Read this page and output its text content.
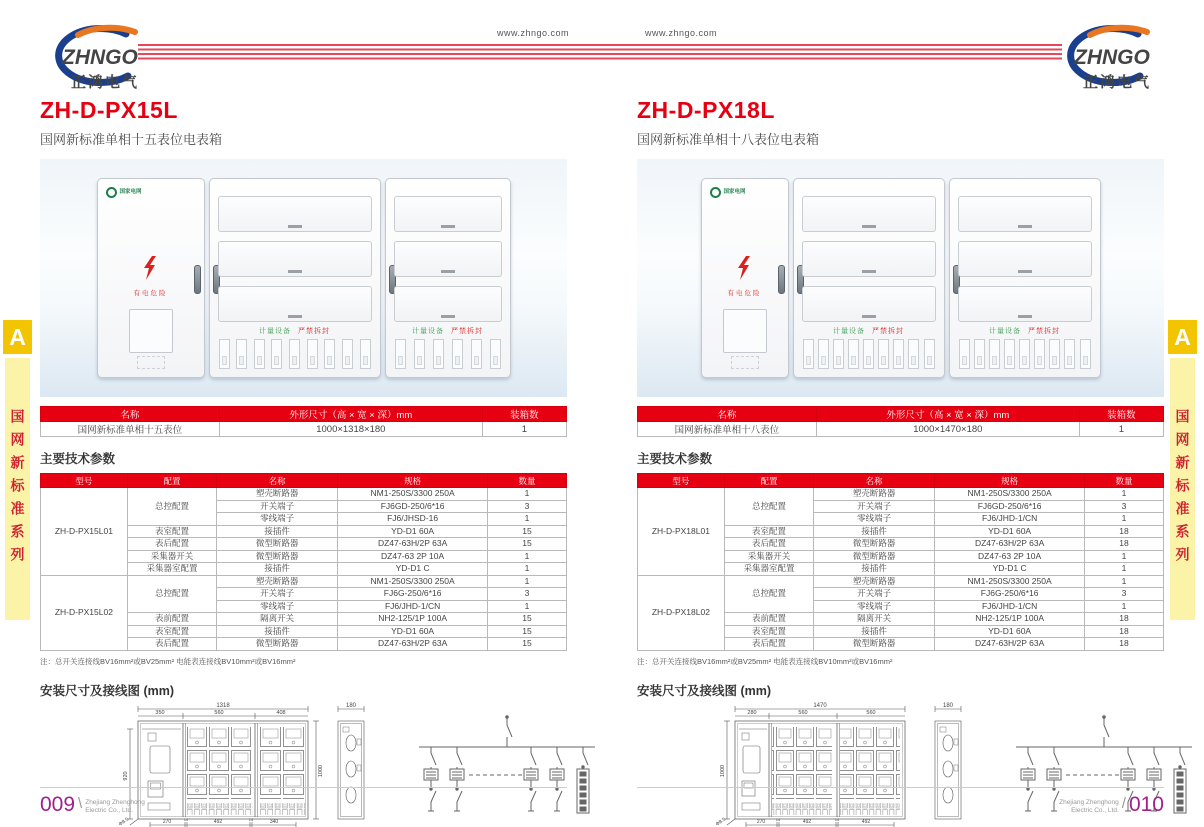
ZHNGO
正鸿电气
ZHNGO
正鸿电气
www.zhngo.com	www.zhngo.com
A
国网新标准系列
A
国网新标准系列
ZH-D-PX15L
国网新标准单相十五表位电表箱
国家电网
有电危险
计量设备 严禁拆封	计量设备 严禁拆封
名称	外形尺寸（高 × 宽 × 深）mm	装箱数
国网新标准单相十五表位	1000×1318×180	1
主要技术参数
型号	配置	名称	规格	数量
ZH-D-PX15L01	总控配置	塑壳断路器	NM1-250S/3300 250A	1
		开关端子	FJ6GD-250/6*16	3
		零线端子	FJ6/JHSD-16	1
	表室配置	接插件	YD-D1 60A	15
	表后配置	微型断路器	DZ47-63H/2P 63A	15
	采集器开关	微型断路器	DZ47-63 2P 10A	1
	采集器室配置	接插件	YD-D1 C	1
ZH-D-PX15L02	总控配置	塑壳断路器	NM1-250S/3300 250A	1
		开关端子	FJ6G-250/6*16	3
		零线端子	FJ6/JHD-1/CN	1
	表前配置	隔离开关	NH2-125/1P 100A	15
	表室配置	接插件	YD-D1 60A	15
	表后配置	微型断路器	DZ47-63H/2P 63A	15
注：总开关连接线BV16mm²或BV25mm² 电能表连接线BV10mm²或BV16mm²
安装尺寸及接线图 (mm)
1318
350	560	408
920	1000
180
270	14	492	14	340
Φ8.5
009 \ Zhejiang Zhenghong
Electric Co., Ltd.
ZH-D-PX18L
国网新标准单相十八表位电表箱
国家电网
有电危险
计量设备 严禁拆封	计量设备 严禁拆封
名称	外形尺寸（高 × 宽 × 深）mm	装箱数
国网新标准单相十八表位	1000×1470×180	1
主要技术参数
型号	配置	名称	规格	数量
ZH-D-PX18L01	总控配置	塑壳断路器	NM1-250S/3300 250A	1
		开关端子	FJ6GD-250/6*16	3
		零线端子	FJ6/JHD-1/CN	1
	表室配置	接插件	YD-D1 60A	18
	表后配置	微型断路器	DZ47-63H/2P 63A	18
	采集器开关	微型断路器	DZ47-63 2P 10A	1
	采集器室配置	接插件	YD-D1 C	1
ZH-D-PX18L02	总控配置	塑壳断路器	NM1-250S/3300 250A	1
		开关端子	FJ6G-250/6*16	3
		零线端子	FJ6/JHD-1/CN	1
	表前配置	隔离开关	NH2-125/1P 100A	18
	表室配置	接插件	YD-D1 60A	18
	表后配置	微型断路器	DZ47-63H/2P 63A	18
注：总开关连接线BV16mm²或BV25mm² 电能表连接线BV10mm²或BV16mm²
安装尺寸及接线图 (mm)
1470
280	560	560
1000
180
270	14	492	14	492
Φ8.5
Zhejiang Zhenghong
Electric Co., Ltd. / 010
